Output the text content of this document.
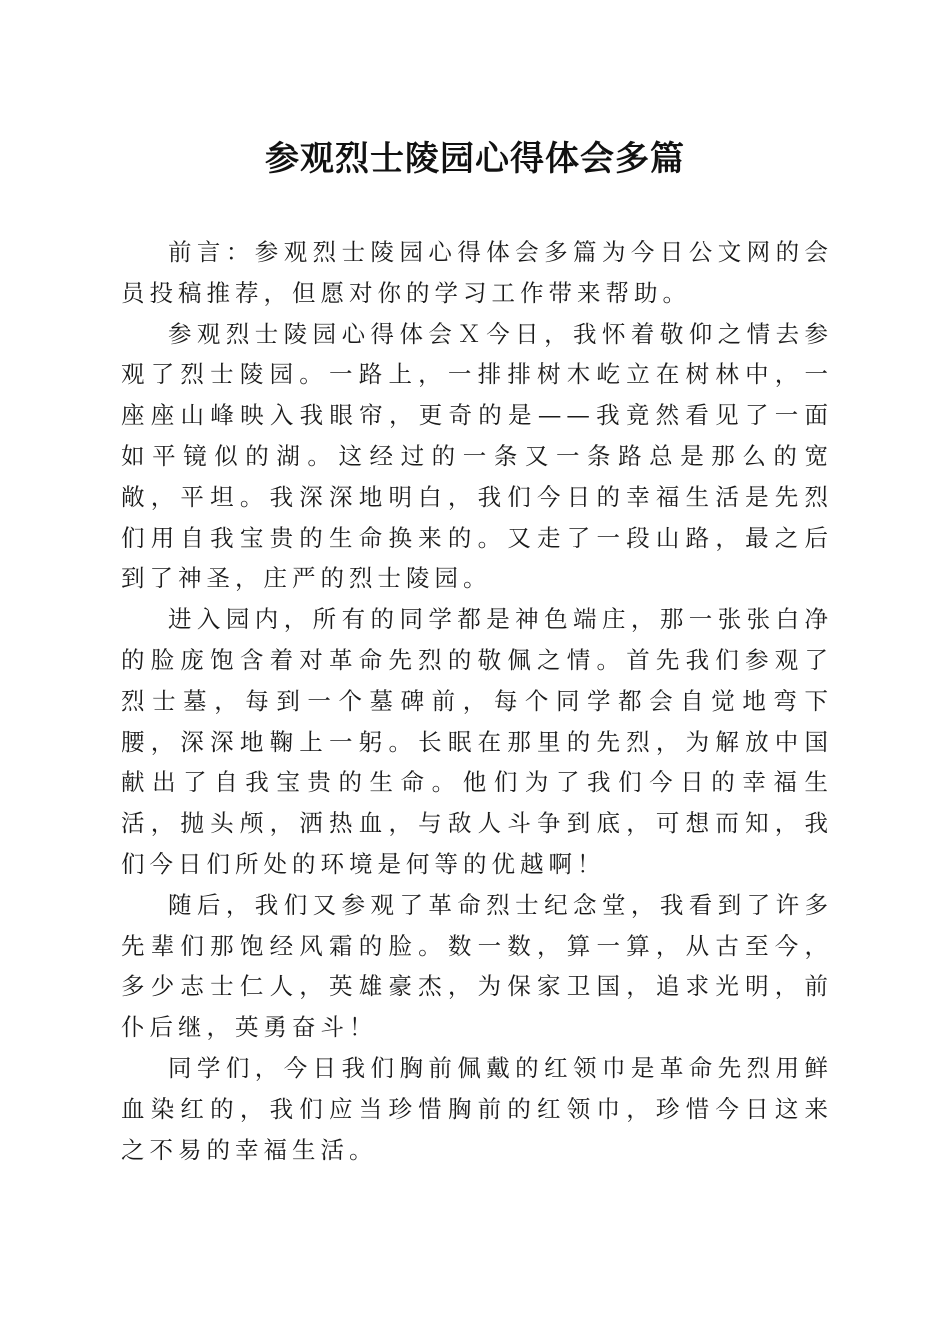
参观烈士陵园心得体会多篇

前言：参观烈士陵园心得体会多篇为今日公文网的会员投稿推荐，但愿对你的学习工作带来帮助。

参观烈士陵园心得体会Ｘ今日，我怀着敬仰之情去参观了烈士陵园。一路上，一排排树木屹立在树林中，一座座山峰映入我眼帘，更奇的是——我竟然看见了一面如平镜似的湖。这经过的一条又一条路总是那么的宽敞，平坦。我深深地明白，我们今日的幸福生活是先烈们用自我宝贵的生命换来的。又走了一段山路，最之后到了神圣，庄严的烈士陵园。

进入园内，所有的同学都是神色端庄，那一张张白净的脸庞饱含着对革命先烈的敬佩之情。首先我们参观了烈士墓，每到一个墓碑前，每个同学都会自觉地弯下腰，深深地鞠上一躬。长眠在那里的先烈，为解放中国献出了自我宝贵的生命。他们为了我们今日的幸福生活，抛头颅，洒热血，与敌人斗争到底，可想而知，我们今日们所处的环境是何等的优越啊！

随后，我们又参观了革命烈士纪念堂，我看到了许多先辈们那饱经风霜的脸。数一数，算一算，从古至今，多少志士仁人，英雄豪杰，为保家卫国，追求光明，前仆后继，英勇奋斗！

同学们，今日我们胸前佩戴的红领巾是革命先烈用鲜血染红的，我们应当珍惜胸前的红领巾，珍惜今日这来之不易的幸福生活。
